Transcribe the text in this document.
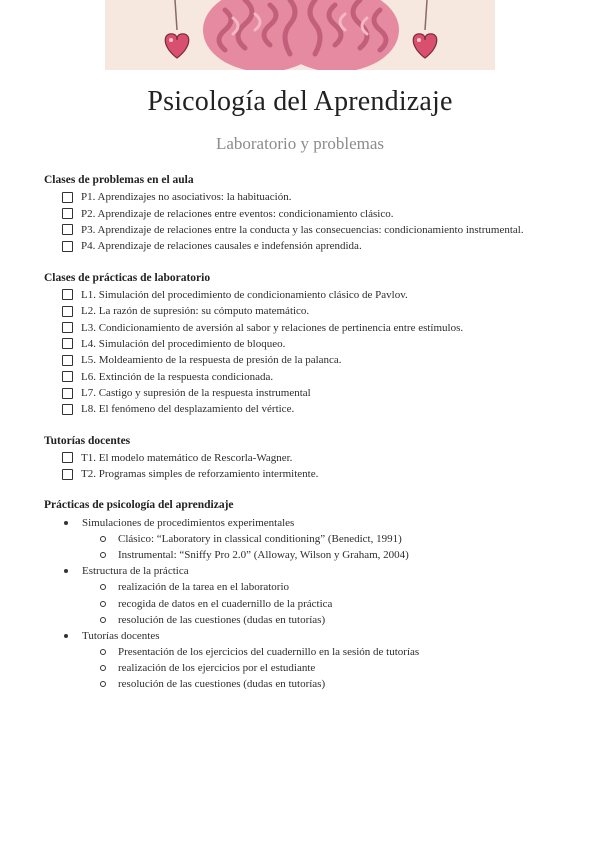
Psicología del Aprendizaje
Laboratorio y problemas
Clases de problemas en el aula
P1. Aprendizajes no asociativos: la habituación.
P2. Aprendizaje de relaciones entre eventos: condicionamiento clásico.
P3. Aprendizaje de relaciones entre la conducta y las consecuencias: condicionamiento instrumental.
P4. Aprendizaje de relaciones causales e indefensión aprendida.
Clases de prácticas de laboratorio
L1. Simulación del procedimiento de condicionamiento clásico de Pavlov.
L2. La razón de supresión: su cómputo matemático.
L3. Condicionamiento de aversión al sabor y relaciones de pertinencia entre estímulos.
L4. Simulación del procedimiento de bloqueo.
L5. Moldeamiento de la respuesta de presión de la palanca.
L6. Extinción de la respuesta condicionada.
L7. Castigo y supresión de la respuesta instrumental
L8. El fenómeno del desplazamiento del vértice.
Tutorías docentes
T1. El modelo matemático de Rescorla-Wagner.
T2. Programas simples de reforzamiento intermitente.
Prácticas de psicología del aprendizaje
Simulaciones de procedimientos experimentales
Clásico: “Laboratory in classical conditioning” (Benedict, 1991)
Instrumental: “Sniffy Pro 2.0” (Alloway, Wilson y Graham, 2004)
Estructura de la práctica
realización de la tarea en el laboratorio
recogida de datos en el cuadernillo de la práctica
resolución de las cuestiones (dudas en tutorías)
Tutorías docentes
Presentación de los ejercicios del cuadernillo en la sesión de tutorías
realización de los ejercicios por el estudiante
resolución de las cuestiones (dudas en tutorías)
